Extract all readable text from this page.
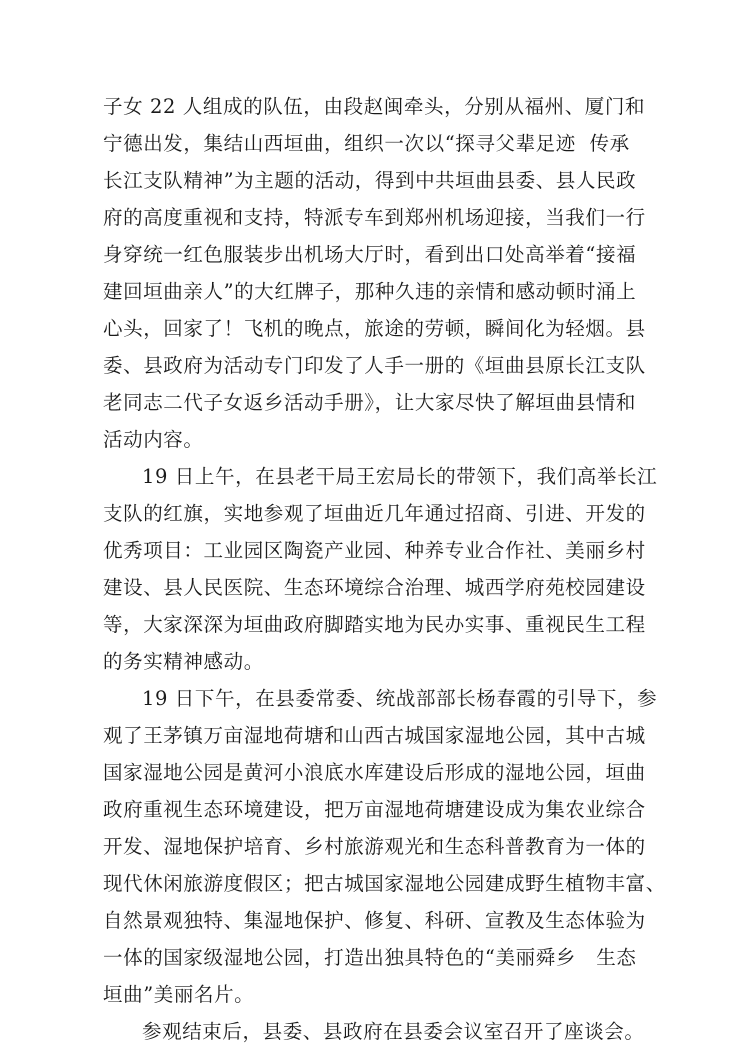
子女 22 人组成的队伍，由段赵闽牵头，分别从福州、厦门和
宁德出发，集结山西垣曲，组织一次以“探寻父辈足迹  传承
长江支队精神”为主题的活动，得到中共垣曲县委、县人民政
府的高度重视和支持，特派专车到郑州机场迎接，当我们一行
身穿统一红色服装步出机场大厅时，看到出口处高举着“接福
建回垣曲亲人”的大红牌子，那种久违的亲情和感动顿时涌上
心头，回家了！飞机的晚点，旅途的劳顿，瞬间化为轻烟。县
委、县政府为活动专门印发了人手一册的《垣曲县原长江支队
老同志二代子女返乡活动手册》，让大家尽快了解垣曲县情和
活动内容。
19 日上午，在县老干局王宏局长的带领下，我们高举长江
支队的红旗，实地参观了垣曲近几年通过招商、引进、开发的
优秀项目：工业园区陶瓷产业园、种养专业合作社、美丽乡村
建设、县人民医院、生态环境综合治理、城西学府苑校园建设
等，大家深深为垣曲政府脚踏实地为民办实事、重视民生工程
的务实精神感动。
19 日下午，在县委常委、统战部部长杨春霞的引导下，参
观了王茅镇万亩湿地荷塘和山西古城国家湿地公园，其中古城
国家湿地公园是黄河小浪底水库建设后形成的湿地公园，垣曲
政府重视生态环境建设，把万亩湿地荷塘建设成为集农业综合
开发、湿地保护培育、乡村旅游观光和生态科普教育为一体的
现代休闲旅游度假区；把古城国家湿地公园建成野生植物丰富、
自然景观独特、集湿地保护、修复、科研、宣教及生态体验为
一体的国家级湿地公园，打造出独具特色的“美丽舜乡   生态
垣曲”美丽名片。
参观结束后，县委、县政府在县委会议室召开了座谈会。
